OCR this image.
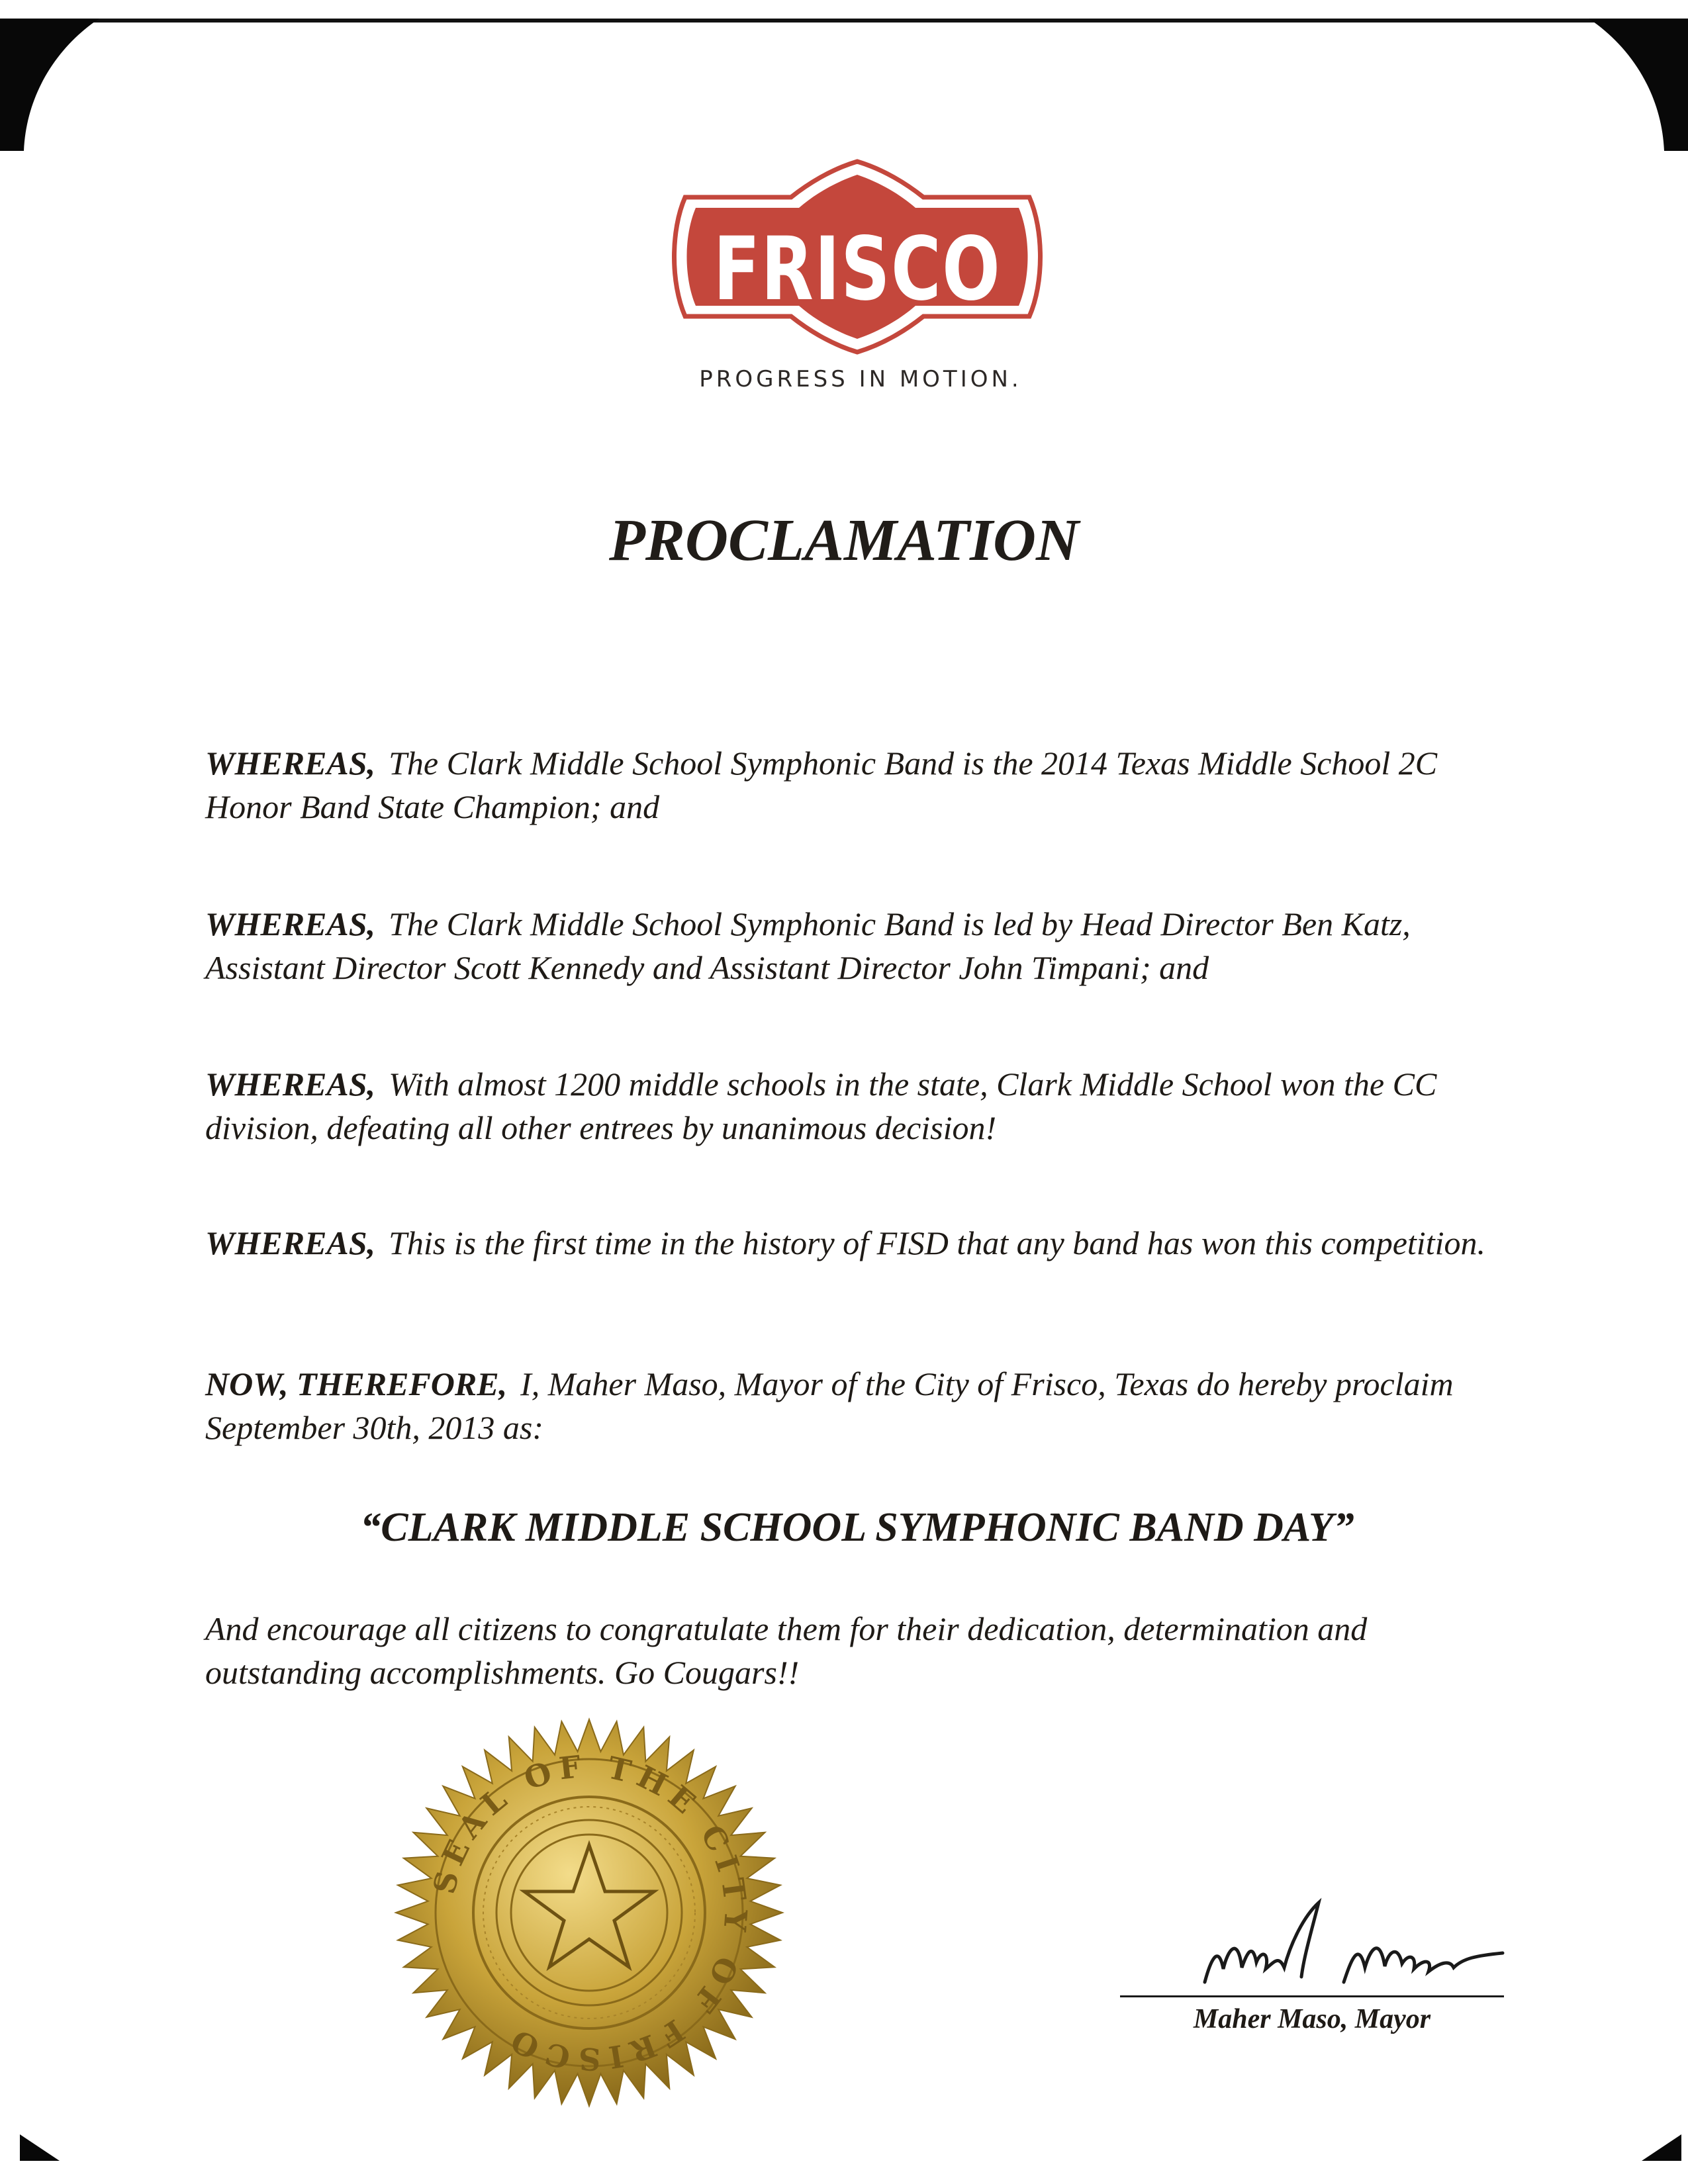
FRISCO
PROGRESS IN MOTION.
PROCLAMATION
WHEREAS, The Clark Middle School Symphonic Band is the 2014 Texas Middle School 2C Honor Band State Champion; and
WHEREAS, The Clark Middle School Symphonic Band is led by Head Director Ben Katz, Assistant Director Scott Kennedy and Assistant Director John Timpani; and
WHEREAS, With almost 1200 middle schools in the state, Clark Middle School won the CC division, defeating all other entrees by unanimous decision!
WHEREAS, This is the first time in the history of FISD that any band has won this competition.
NOW, THEREFORE, I, Maher Maso, Mayor of the City of Frisco, Texas do hereby proclaim September 30th, 2013 as:
“CLARK MIDDLE SCHOOL SYMPHONIC BAND DAY”
And encourage all citizens to congratulate them for their dedication, determination and outstanding accomplishments. Go Cougars!!
SEAL OF THE CITY OF FRISCO
Maher Maso, Mayor
